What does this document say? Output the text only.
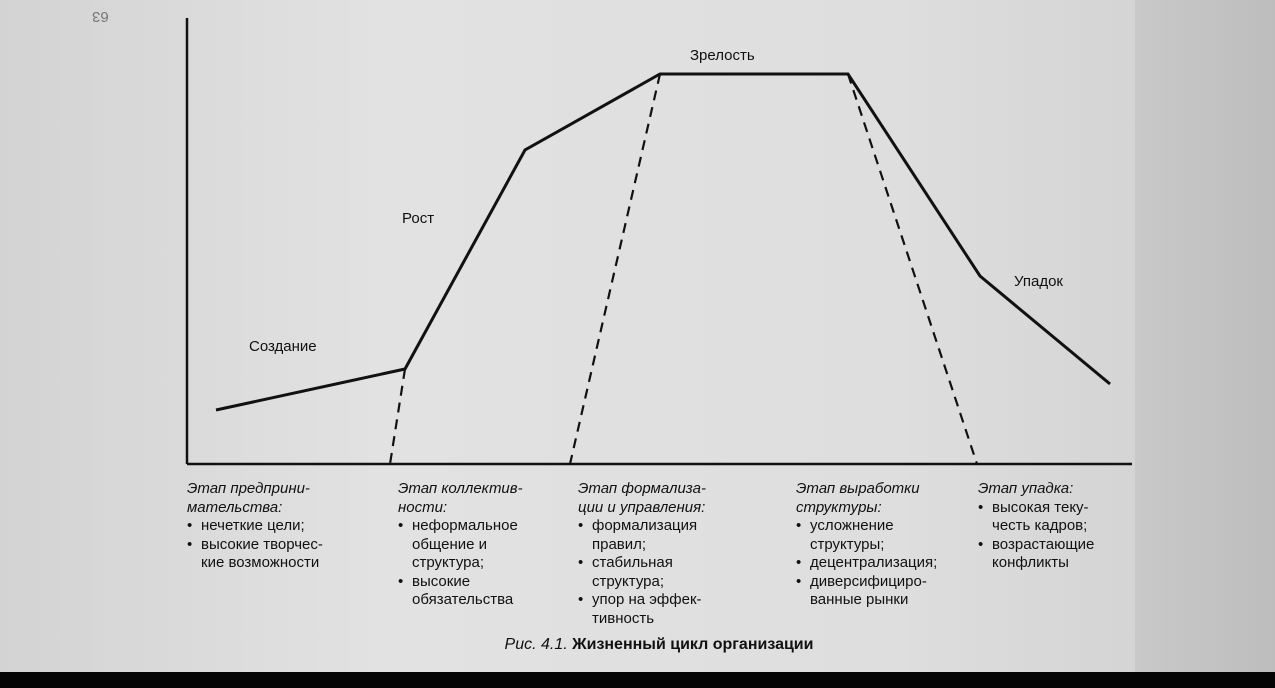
63
Создание
Рост
Зрелость
Упадок
Этап предприни-
мательства:
• нечеткие цели;
• высокие творчес-
кие возможности
Этап коллектив-
ности:
• неформальное
общение и
структура;
• высокие
обязательства
Этап формализа-
ции и управления:
• формализация
правил;
• стабильная
структура;
• упор на эффек-
тивность
Этап выработки
структуры:
• усложнение
структуры;
• децентрализация;
• диверсифициро-
ванные рынки
Этап упадка:
• высокая теку-
честь кадров;
• возрастающие
конфликты
Рис. 4.1. Жизненный цикл организации
